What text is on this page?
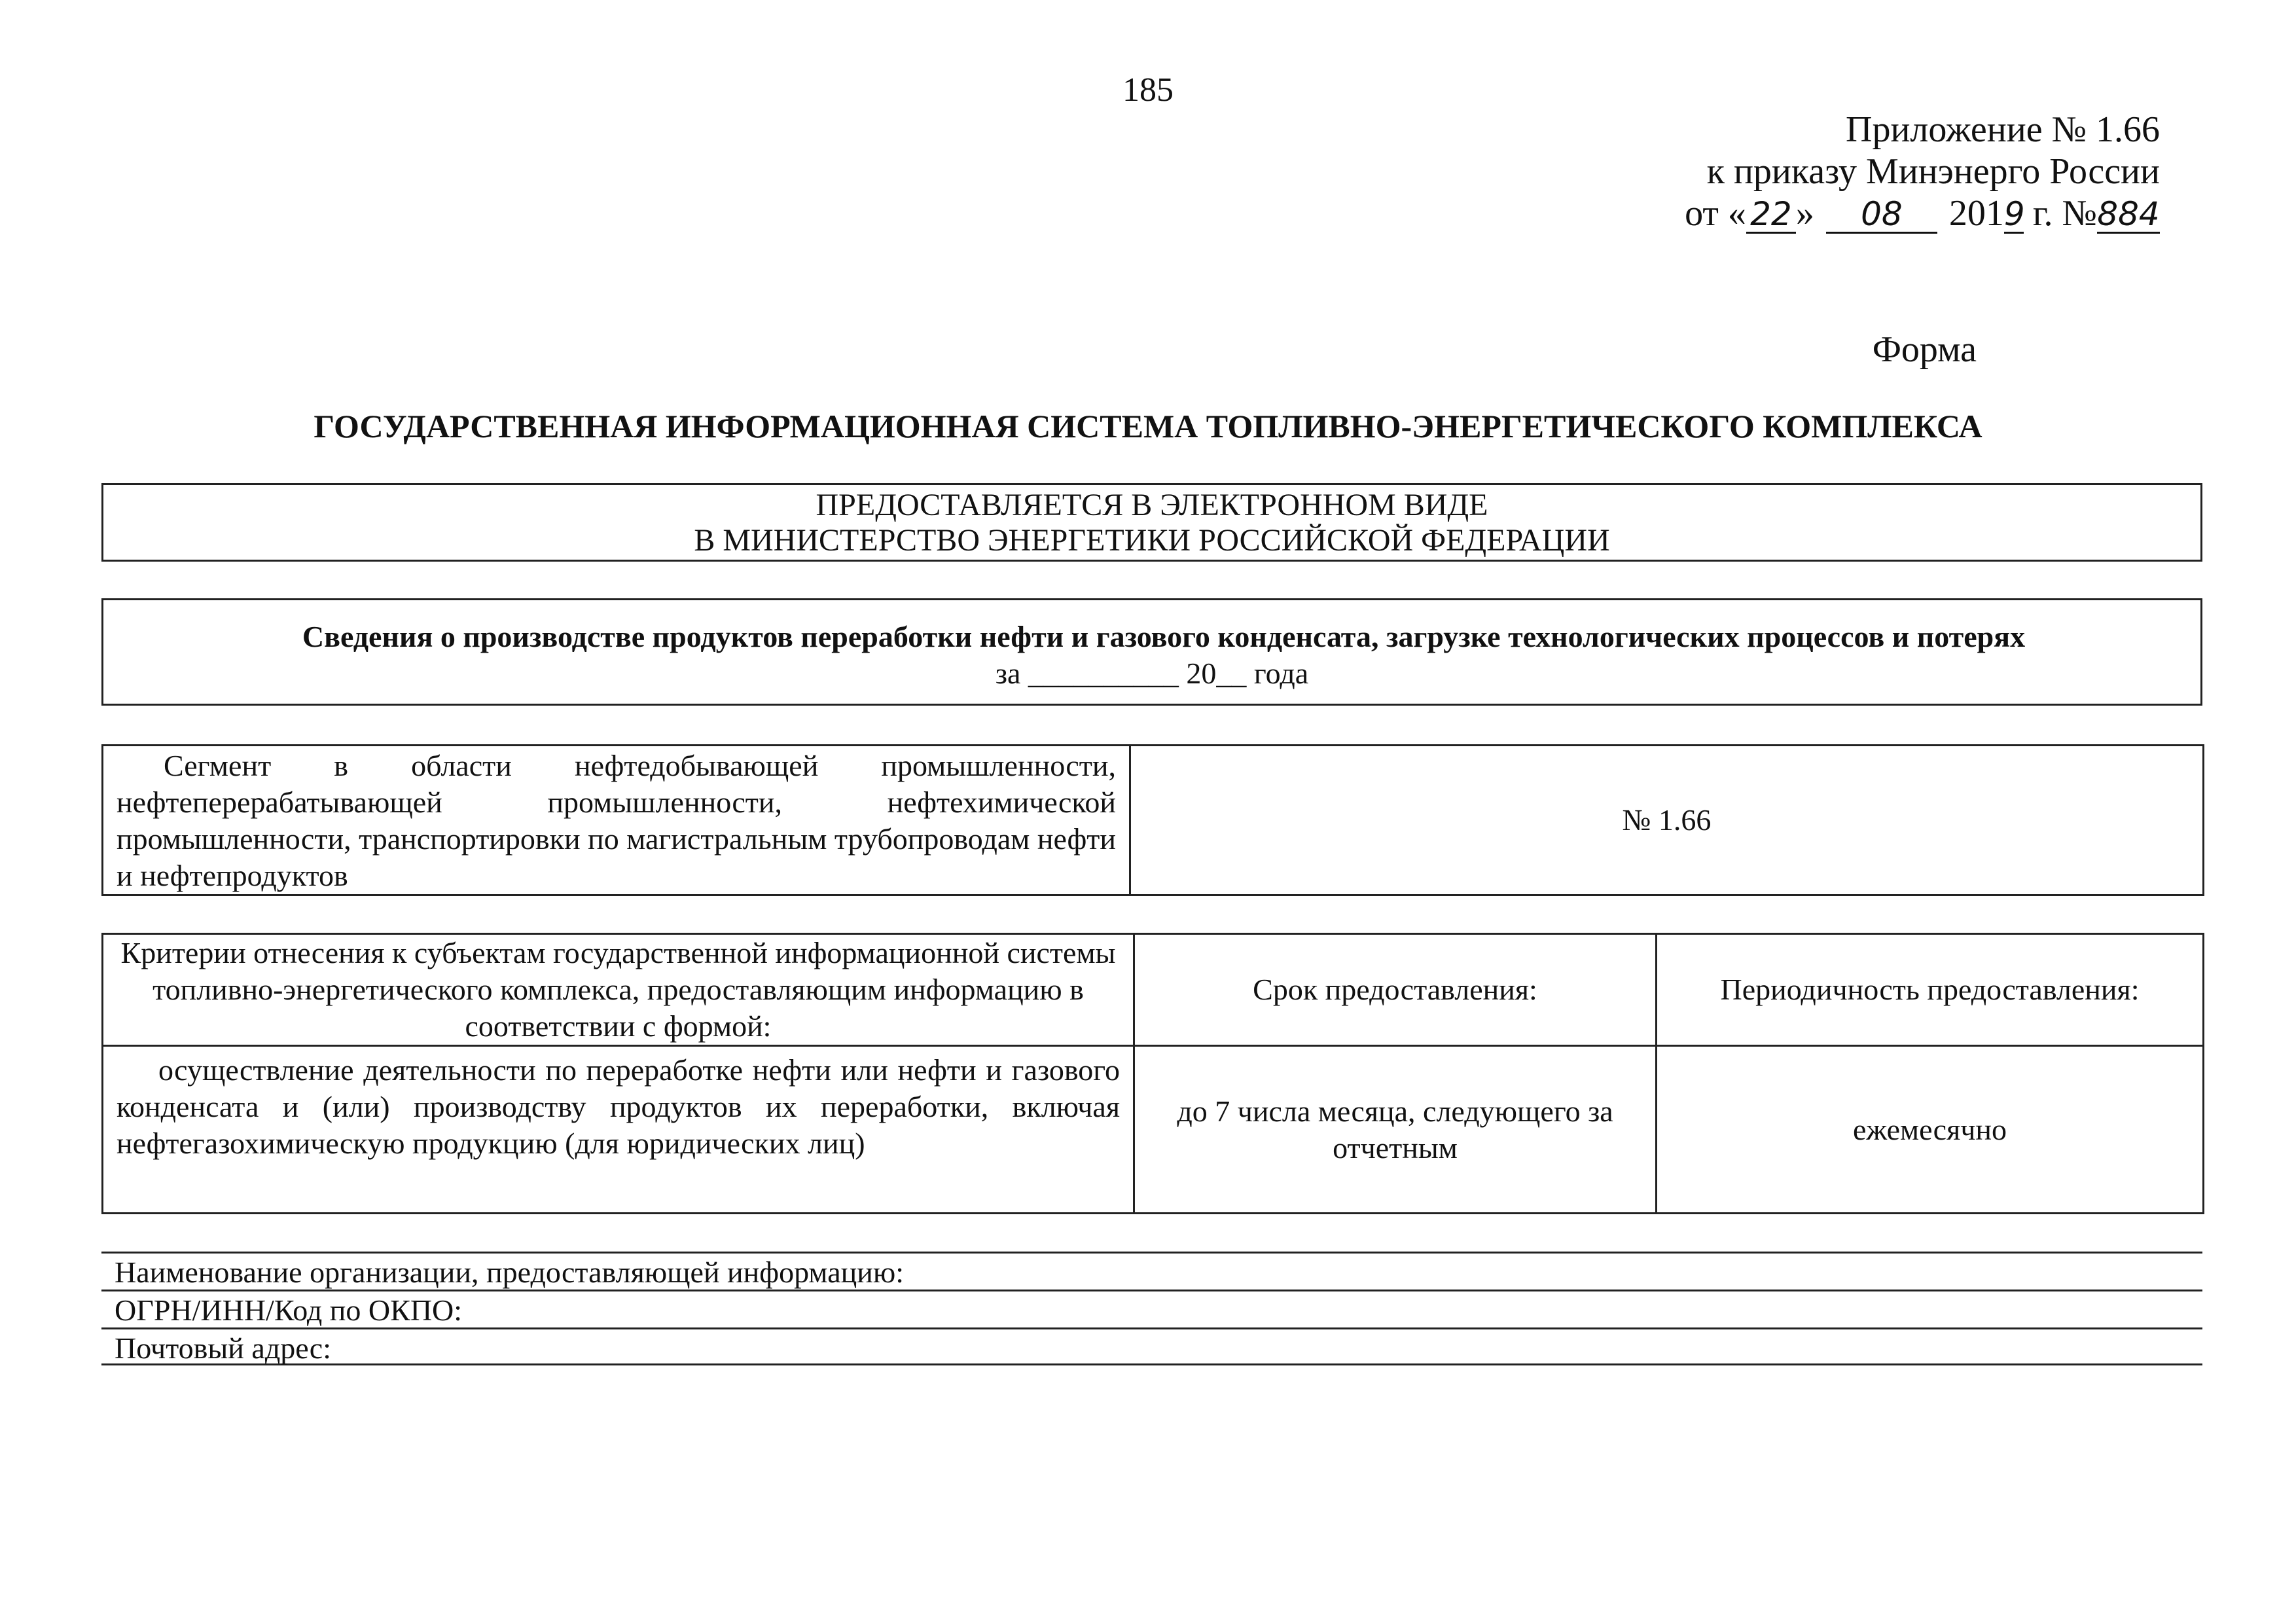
185
Приложение № 1.66
к приказу Минэнерго России
от « 22 » 08 2019 г. №884
Форма
ГОСУДАРСТВЕННАЯ ИНФОРМАЦИОННАЯ СИСТЕМА ТОПЛИВНО-ЭНЕРГЕТИЧЕСКОГО КОМПЛЕКСА
ПРЕДОСТАВЛЯЕТСЯ В ЭЛЕКТРОННОМ ВИДЕ
В МИНИСТЕРСТВО ЭНЕРГЕТИКИ РОССИЙСКОЙ ФЕДЕРАЦИИ
Сведения о производстве продуктов переработки нефти и газового конденсата, загрузке технологических процессов и потерях
за __________ 20__ года
Сегмент в области нефтедобывающей промышленности, нефтеперерабатывающей промышленности, нефтехимической промышленности, транспортировки по магистральным трубопроводам нефти и нефтепродуктов	№ 1.66
Критерии отнесения к субъектам государственной информационной системы топливно-энергетического комплекса, предоставляющим информацию в соответствии с формой:	Срок предоставления:	Периодичность предоставления:
осуществление деятельности по переработке нефти или нефти и газового конденсата и (или) производству продуктов их переработки, включая нефтегазохимическую продукцию (для юридических лиц)	до 7 числа месяца, следующего за отчетным	ежемесячно
Наименование организации, предоставляющей информацию:
ОГРН/ИНН/Код по ОКПО:
Почтовый адрес:
